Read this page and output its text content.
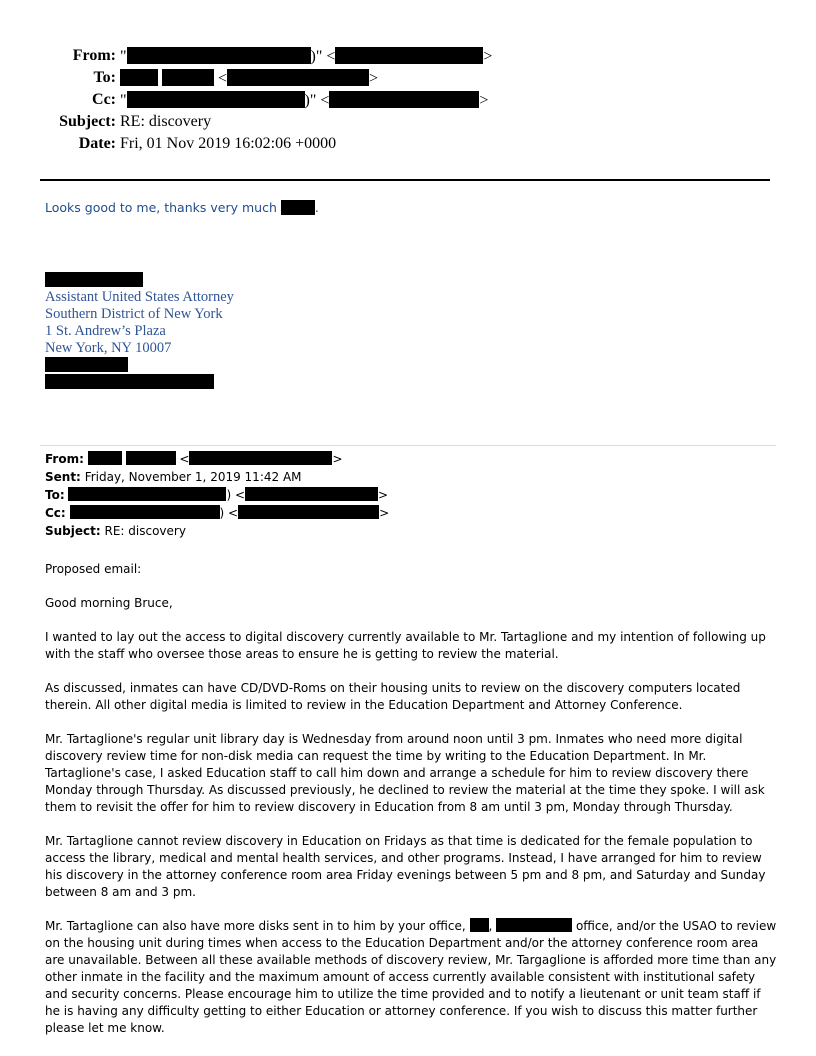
From: "	)" <	>
To:	<	>
Cc: "	)" <	>
Subject: RE: discovery
Date: Fri, 01 Nov 2019 16:02:06 +0000
Looks good to me, thanks very much	.
Assistant United States Attorney
Southern District of New York
1 St. Andrew’s Plaza
New York, NY 10007
From:	<	>
Sent: Friday, November 1, 2019 11:42 AM
To:	) <	>
Cc:	) <	>
Subject: RE: discovery

Proposed email:

Good morning Bruce,

I wanted to lay out the access to digital discovery currently available to Mr. Tartaglione and my intention of following up with the staff who oversee those areas to ensure he is getting to review the material.

As discussed, inmates can have CD/DVD-Roms on their housing units to review on the discovery computers located therein. All other digital media is limited to review in the Education Department and Attorney Conference.

Mr. Tartaglione's regular unit library day is Wednesday from around noon until 3 pm. Inmates who need more digital discovery review time for non-disk media can request the time by writing to the Education Department. In Mr. Tartaglione's case, I asked Education staff to call him down and arrange a schedule for him to review discovery there Monday through Thursday. As discussed previously, he declined to review the material at the time they spoke. I will ask them to revisit the offer for him to review discovery in Education from 8 am until 3 pm, Monday through Thursday.

Mr. Tartaglione cannot review discovery in Education on Fridays as that time is dedicated for the female population to access the library, medical and mental health services, and other programs. Instead, I have arranged for him to review his discovery in the attorney conference room area Friday evenings between 5 pm and 8 pm, and Saturday and Sunday between 8 am and 3 pm.

Mr. Tartaglione can also have more disks sent in to him by your office, ,	office, and/or the USAO to review on the housing unit during times when access to the Education Department and/or the attorney conference room area are unavailable. Between all these available methods of discovery review, Mr. Targaglione is afforded more time than any other inmate in the facility and the maximum amount of access currently available consistent with institutional safety and security concerns. Please encourage him to utilize the time provided and to notify a lieutenant or unit team staff if he is having any difficulty getting to either Education or attorney conference. If you wish to discuss this matter further please let me know.
